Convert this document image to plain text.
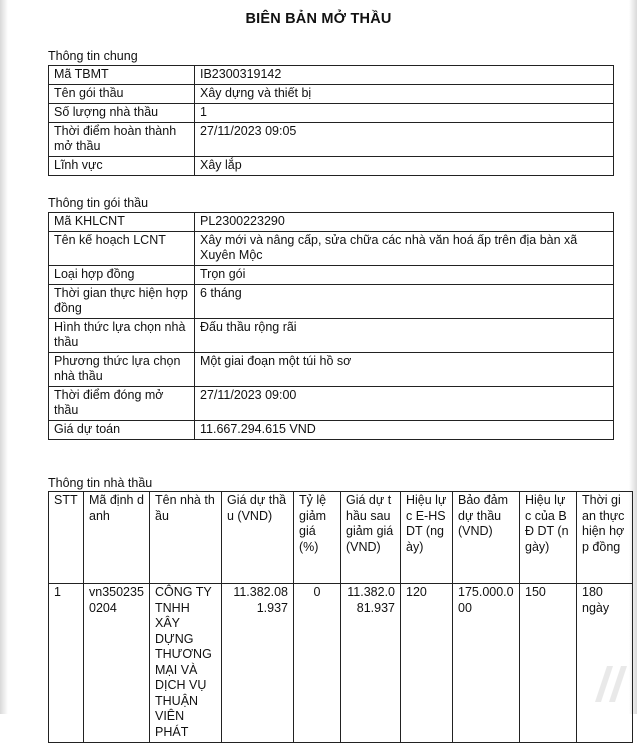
BIÊN BẢN MỞ THẦU
Thông tin chung
Mã TBMT	IB2300319142
Tên gói thầu	Xây dựng và thiết bị
Số lượng nhà thầu	1
Thời điểm hoàn thành mở thầu	27/11/2023 09:05
Lĩnh vực	Xây lắp
Thông tin gói thầu
Mã KHLCNT	PL2300223290
Tên kế hoạch LCNT	Xây mới và nâng cấp, sửa chữa các nhà văn hoá ấp trên địa bàn xã Xuyên Mộc
Loại hợp đồng	Trọn gói
Thời gian thực hiện hợp đồng	6 tháng
Hình thức lựa chọn nhà thầu	Đấu thầu rộng rãi
Phương thức lựa chọn nhà thầu	Một giai đoạn một túi hồ sơ
Thời điểm đóng mở thầu	27/11/2023 09:00
Giá dự toán	11.667.294.615 VND
Thông tin nhà thầu
STT	Mã định danh	Tên nhà thầu	Giá dự thầu (VND)	Tỷ lệ giảm giá (%)	Giá dự thầu sau giảm giá (VND)	Hiệu lực E-HSDT (ngày)	Bảo đảm dự thầu (VND)	Hiệu lực của BĐ DT (ngày)	Thời gian thực hiện hợp đồng
1	vn3502350204	CÔNG TY TNHH XÂY DỰNG THƯƠNG MẠI VÀ DỊCH VỤ THUẬN VIÊN PHÁT	11.382.081.937	0	11.382.081.937	120	175.000.000	150	180 ngày
